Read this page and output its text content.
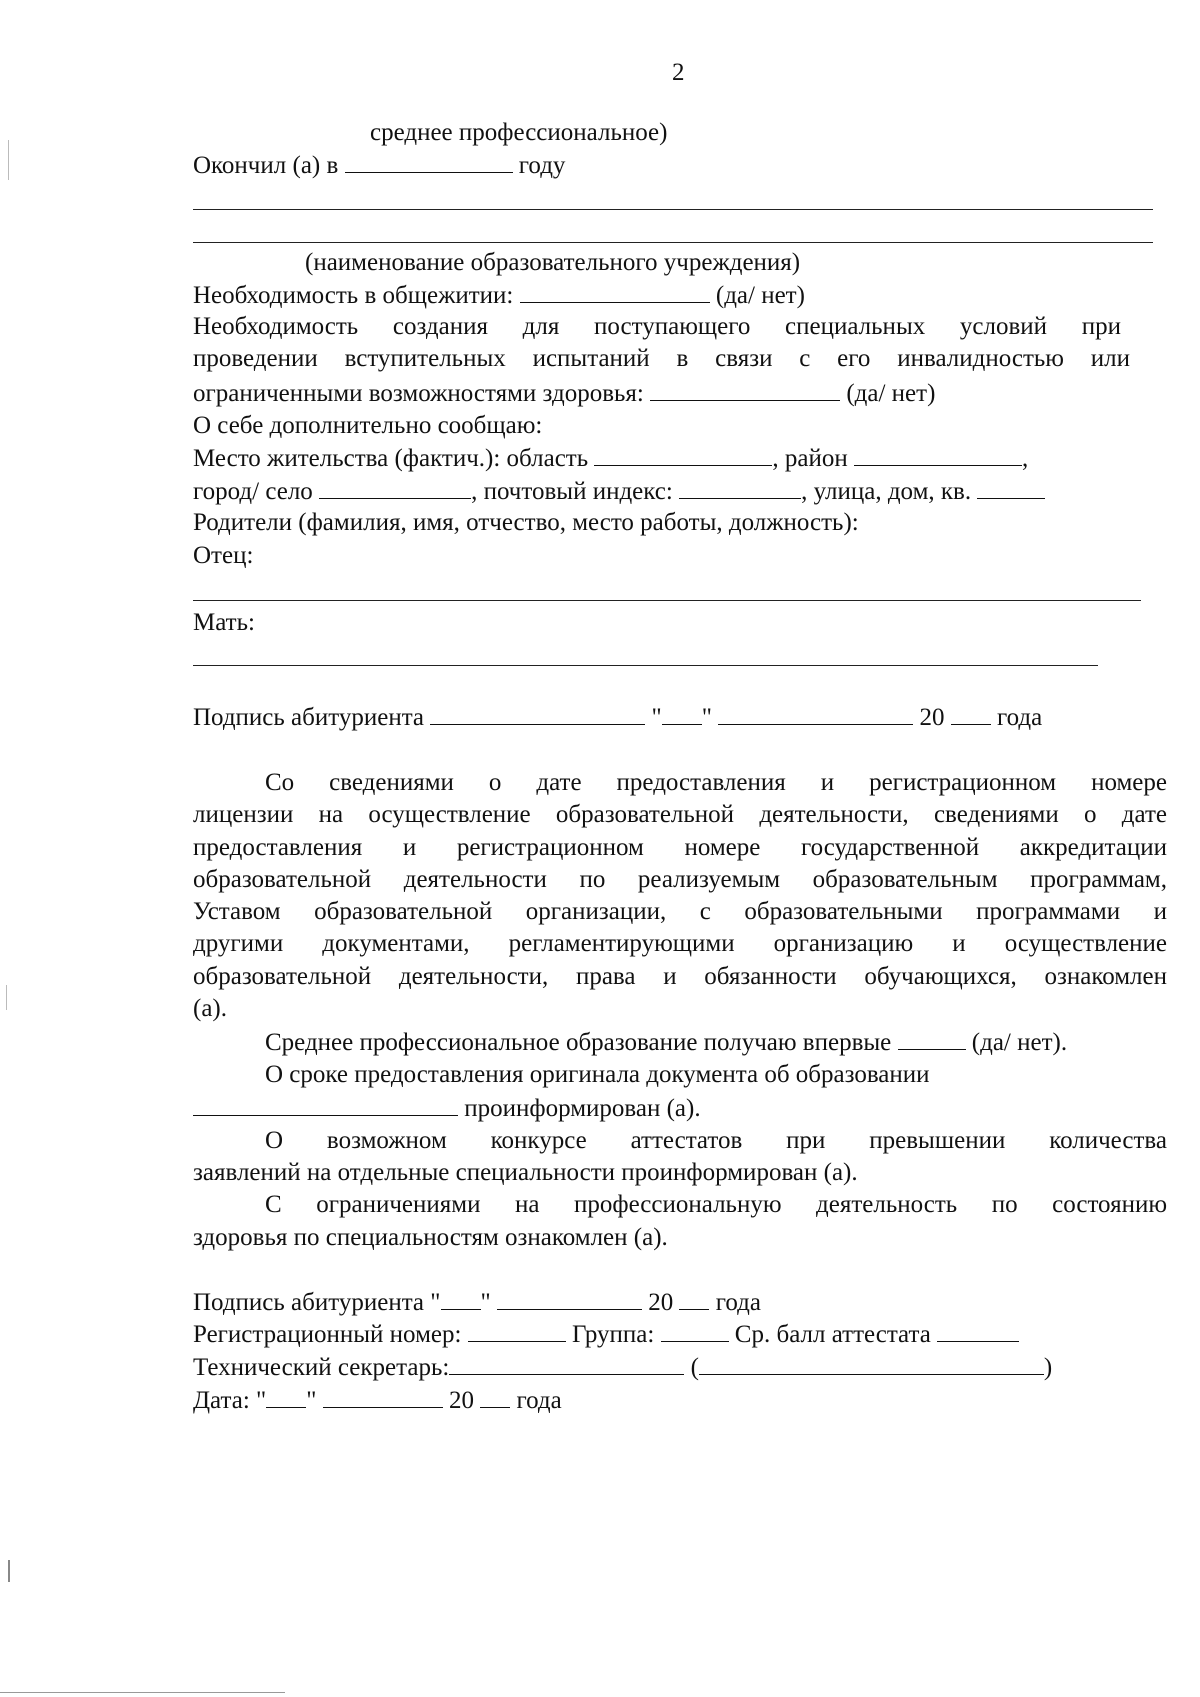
2
среднее профессиональное)
Окончил (а) в	году
(наименование образовательного учреждения)
Необходимость в общежитии:	(да/ нет)
Необходимость создания для поступающего специальных условий при
проведении вступительных испытаний в связи с его инвалидностью или
ограниченными возможностями здоровья:	(да/ нет)
О себе дополнительно сообщаю:
Место жительства (фактич.): область	, район	,
город/ село	, почтовый индекс:	, улица, дом, кв.
Родители (фамилия, имя, отчество, место работы, должность):
Отец:
Мать:
Подпись абитуриента	" "	20 года
Со сведениями о дате предоставления и регистрационном номере
лицензии на осуществление образовательной деятельности, сведениями о дате
предоставления и регистрационном номере государственной аккредитации
образовательной деятельности по реализуемым образовательным программам,
Уставом образовательной организации, с образовательными программами и
другими документами, регламентирующими организацию и осуществление
образовательной деятельности, права и обязанности обучающихся, ознакомлен
(а).
Среднее профессиональное образование получаю впервые	(да/ нет).
О сроке предоставления оригинала документа об образовании
проинформирован (а).
О возможном конкурсе аттестатов при превышении количества
заявлений на отдельные специальности проинформирован (а).
С ограничениями на профессиональную деятельность по состоянию
здоровья по специальностям ознакомлен (а).
Подпись абитуриента " "	20 года
Регистрационный номер:	Группа:	Ср. балл аттестата
Технический секретарь:	(	)
Дата: " "	20 года
